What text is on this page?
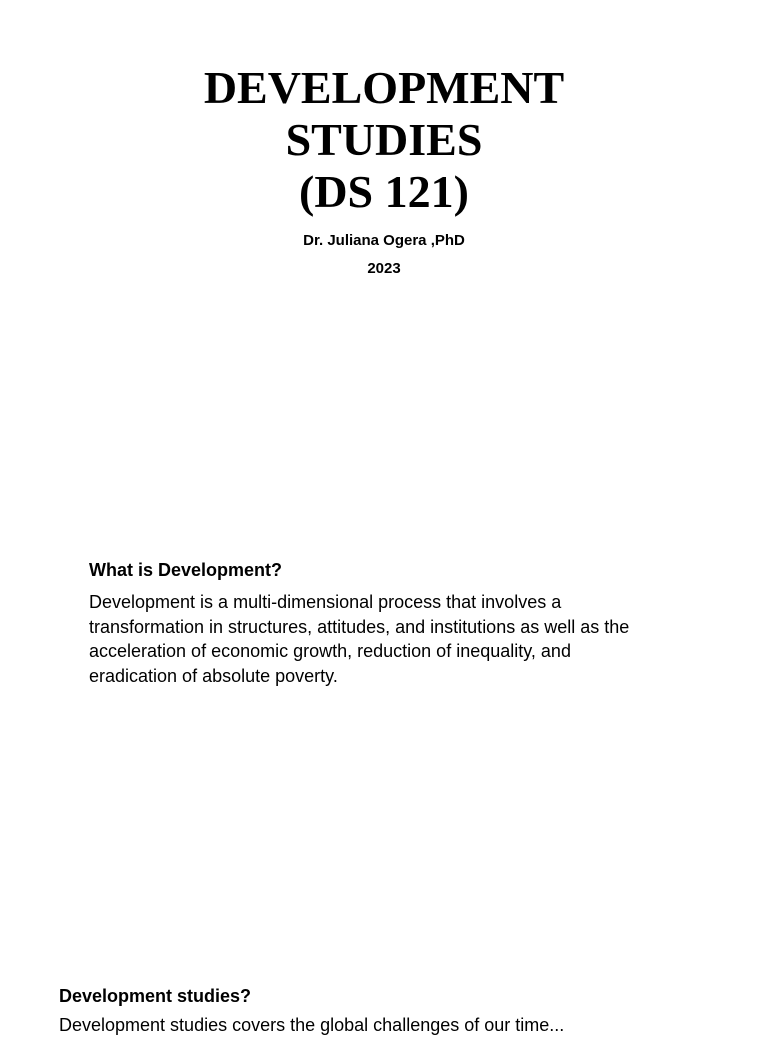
DEVELOPMENT
STUDIES
(DS 121)
Dr. Juliana Ogera ,PhD
2023
What is Development?

Development is a multi-dimensional process that involves a
transformation in structures, attitudes, and institutions as well as the
acceleration of economic growth, reduction of inequality, and
eradication of absolute poverty.

Development studies?

Development studies covers the global challenges of our time...
